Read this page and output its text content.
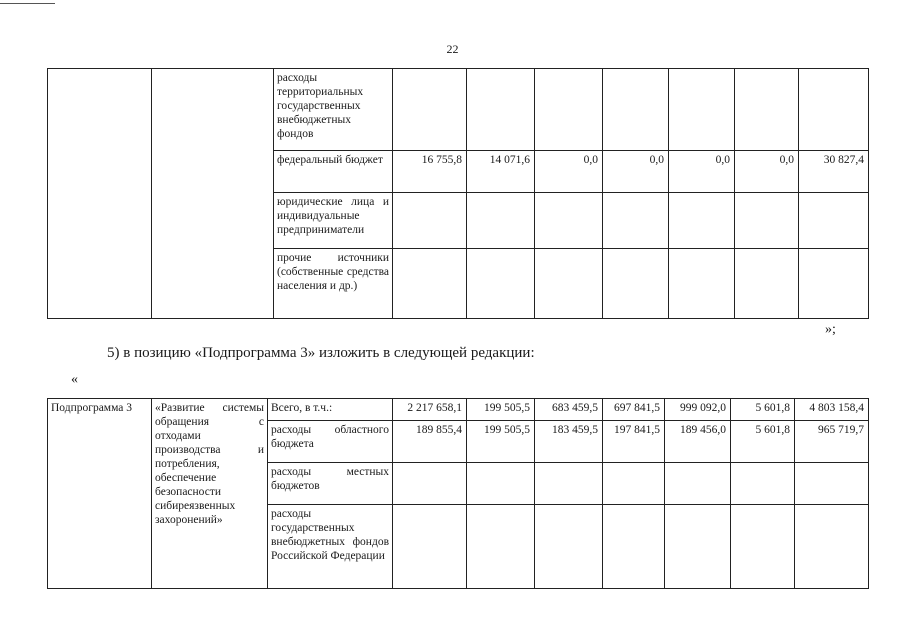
22
		расходы территориальных государственных внебюджетных фондов							
		федеральный бюджет	16 755,8	14 071,6	0,0	0,0	0,0	0,0	30 827,4
		юридические лица и индивидуальные предприниматели							
		прочие источники (собственные средства населения и др.)							
»;
5) в позицию «Подпрограмма 3» изложить в следующей редакции:
«
Подпрограмма 3	«Развитие системы обращения с отходами производства и потребления, обеспечение безопасности сибиреязвенных захоронений»	Всего, в т.ч.:	2 217 658,1	199 505,5	683 459,5	697 841,5	999 092,0	5 601,8	4 803 158,4
		расходы областного бюджета	189 855,4	199 505,5	183 459,5	197 841,5	189 456,0	5 601,8	965 719,7
		расходы местных бюджетов							
		расходы государственных внебюджетных фондов Российской Федерации							
